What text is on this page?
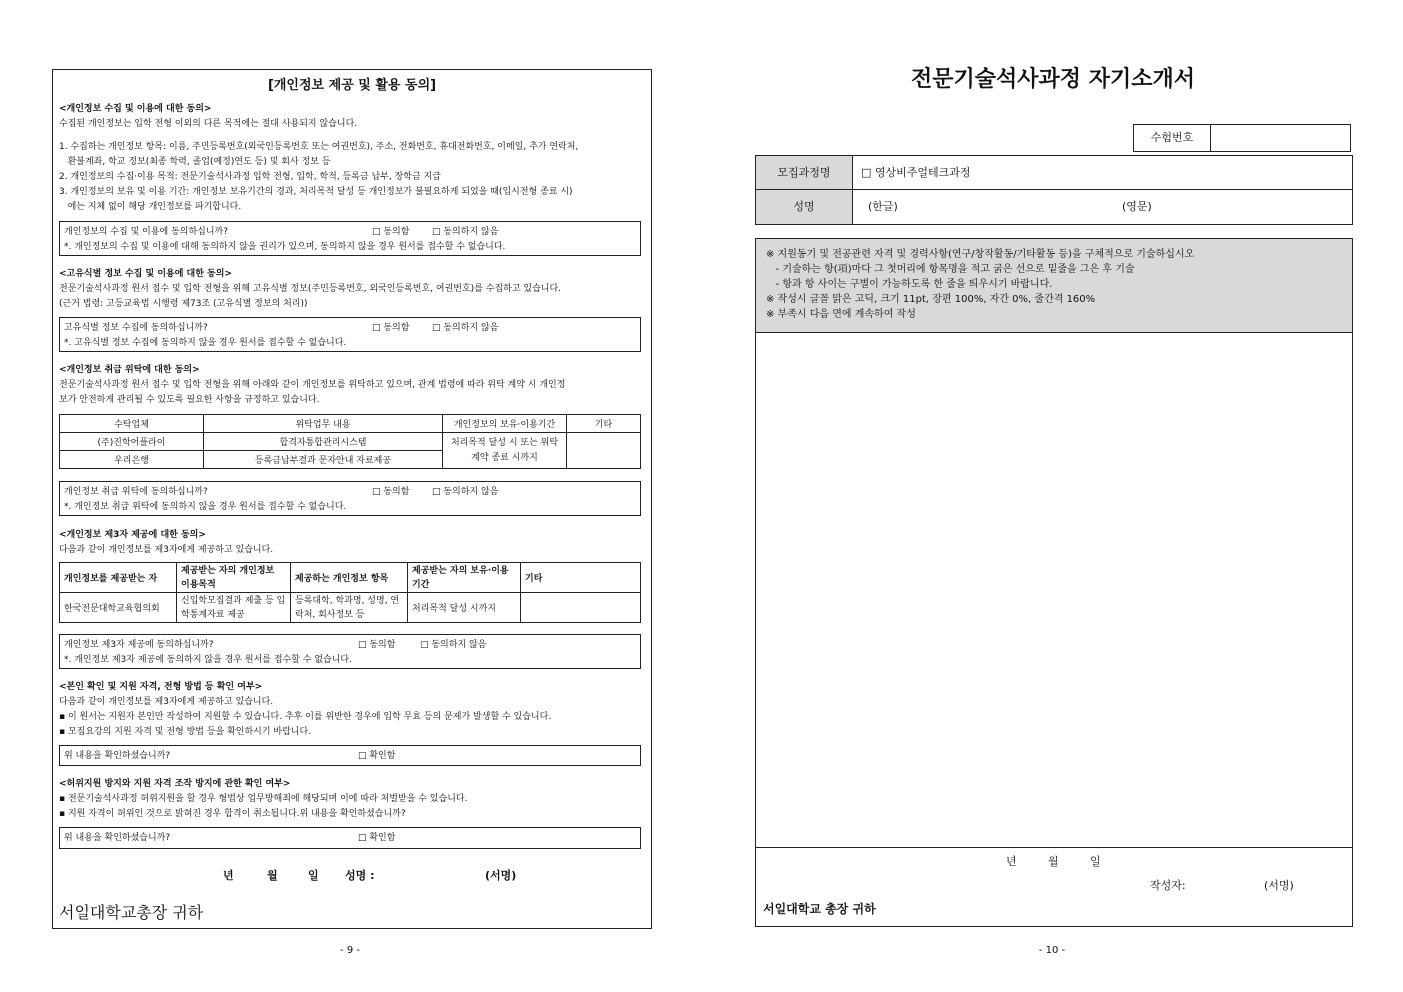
[개인정보 제공 및 활용 동의]
<개인정보 수집 및 이용에 대한 동의>
수집된 개인정보는 입학 전형 이외의 다른 목적에는 절대 사용되지 않습니다.
1. 수집하는 개인정보 항목: 이름, 주민등록번호(외국인등록번호 또는 여권번호), 주소, 전화번호, 휴대전화번호, 이메일, 추가 연락처,
환불계좌, 학교 정보(최종 학력, 졸업(예정)연도 등) 및 회사 정보 등
2. 개인정보의 수집·이용 목적: 전문기술석사과정 입학 전형, 입학, 학적, 등록금 납부, 장학금 지급
3. 개인정보의 보유 및 이용 기간: 개인정보 보유기간의 경과, 처리목적 달성 등 개인정보가 불필요하게 되었을 때(입시전형 종료 시)
에는 지체 없이 해당 개인정보를 파기합니다.
개인정보의 수집 및 이용에 동의하십니까?	□ 동의함	□ 동의하지 않음
*. 개인정보의 수집 및 이용에 대해 동의하지 않을 권리가 있으며, 동의하지 않을 경우 원서를 접수할 수 없습니다.
<고유식별 정보 수집 및 이용에 대한 동의>
전문기술석사과정 원서 접수 및 입학 전형을 위해 고유식별 정보(주민등록번호, 외국인등록번호, 여권번호)를 수집하고 있습니다.
(근거 법령: 고등교육법 시행령 제73조 (고유식별 정보의 처리))
고유식별 정보 수집에 동의하십니까?	□ 동의함	□ 동의하지 않음
*. 고유식별 정보 수집에 동의하지 않을 경우 원서를 접수할 수 없습니다.
<개인정보 취급 위탁에 대한 동의>
전문기술석사과정 원서 접수 및 입학 전형을 위해 아래와 같이 개인정보를 위탁하고 있으며, 관계 법령에 따라 위탁 계약 시 개인정
보가 안전하게 관리될 수 있도록 필요한 사항을 규정하고 있습니다.
수탁업체	위탁업무 내용	개인정보의 보유·이용기간	기타
(주)진학어플라이	합격자통합관리시스템	처리목적 달성 시 또는 위탁계약 종료 시까지	
우리은행	등록금납부결과 문자안내 자료제공		
개인정보 취급 위탁에 동의하십니까?	□ 동의함	□ 동의하지 않음
*. 개인정보 취급 위탁에 동의하지 않을 경우 원서를 접수할 수 없습니다.
<개인정보 제3자 제공에 대한 동의>
다음과 같이 개인정보를 제3자에게 제공하고 있습니다.
개인정보를 제공받는 자	제공받는 자의 개인정보 이용목적	제공하는 개인정보 항목	제공받는 자의 보유·이용기간	기타
한국전문대학교육협의회	신입학모집결과 제출 등 입학통계자료 제공	등록대학, 학과명, 성명, 연락처, 회사정보 등	처리목적 달성 시까지	
개인정보 제3자 제공에 동의하십니까?	□ 동의함	□ 동의하지 않음
*. 개인정보 제3자 제공에 동의하지 않을 경우 원서를 접수할 수 없습니다.
<본인 확인 및 지원 자격, 전형 방법 등 확인 여부>
다음과 같이 개인정보를 제3자에게 제공하고 있습니다.
▪ 이 원서는 지원자 본인만 작성하여 지원할 수 있습니다. 추후 이를 위반한 경우에 입학 무효 등의 문제가 발생할 수 있습니다.
▪ 모집요강의 지원 자격 및 전형 방법 등을 확인하시기 바랍니다.
위 내용을 확인하셨습니까?	□ 확인함
<허위지원 방지와 지원 자격 조작 방지에 관한 확인 여부>
▪ 전문기술석사과정 허위지원을 할 경우 형법상 업무방해죄에 해당되며 이에 따라 처벌받을 수 있습니다.
▪ 지원 자격이 허위인 것으로 밝혀진 경우 합격이 취소됩니다.위 내용을 확인하셨습니까?
위 내용을 확인하셨습니까?	□ 확인함
년	월	일 성명 :	(서명)
서일대학교총장 귀하
- 9 -
전문기술석사과정 자기소개서
수험번호
모집과정명	□ 영상비주얼테크과정
성명	(한글)	(영문)
※ 지원동기 및 전공관련 자격 및 경력사항(연구/창작활동/기타활동 등)을 구체적으로 기술하십시오
- 기술하는 항(項)마다 그 첫머리에 항목명을 적고 굵은 선으로 밑줄을 그은 후 기술
- 항과 항 사이는 구별이 가능하도록 한 줄을 띄우시기 바랍니다.
※ 작성시 글꼴 맑은 고딕, 크기 11pt, 장편 100%, 자간 0%, 줄간격 160%
※ 부족시 다음 면에 계속하여 작성
년	월	일
작성자:	(서명)
서일대학교 총장 귀하
- 10 -
